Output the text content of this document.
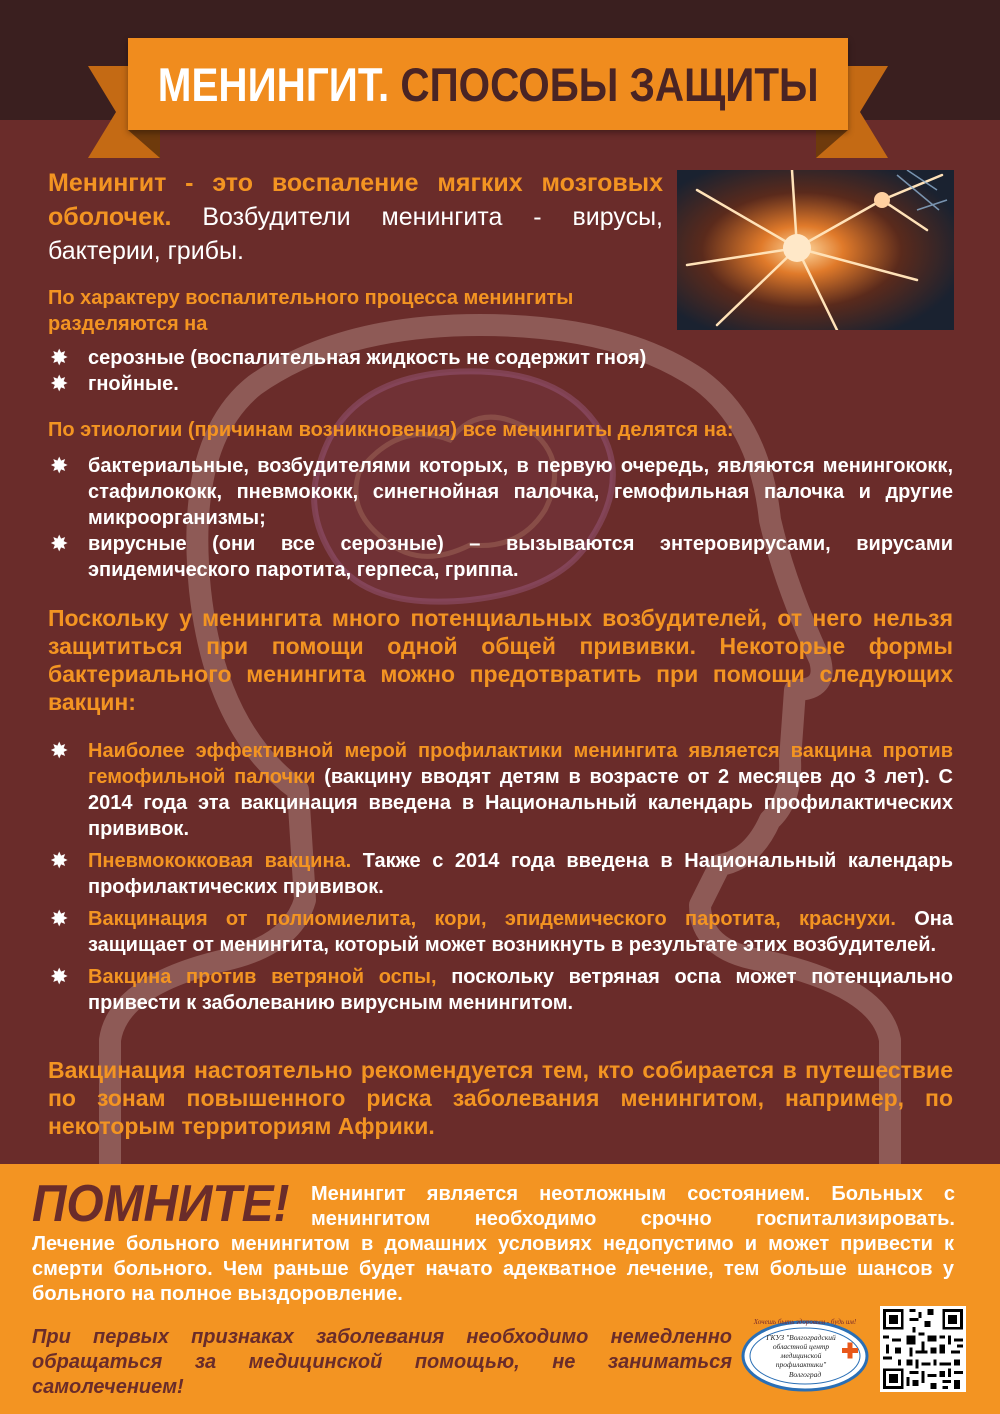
МЕНИНГИТ. СПОСОБЫ ЗАЩИТЫ
Менингит - это воспаление мягких мозговых оболочек. Возбудители менингита - вирусы, бактерии, грибы.
По характеру воспалительного процесса менингиты разделяются на
✸ серозные (воспалительная жидкость не содержит гноя)
✸ гнойные.
По этиологии (причинам возникновения) все менингиты делятся на:
✸ бактериальные, возбудителями которых, в первую очередь, являются менингококк, стафилококк, пневмококк, синегнойная палочка, гемофильная палочка и другие микроорганизмы;
✸ вирусные (они все серозные) – вызываются энтеровирусами, вирусами эпидемического паротита, герпеса, гриппа.
Поскольку у менингита много потенциальных возбудителей, от него нельзя защититься при помощи одной общей прививки. Некоторые формы бактериального менингита можно предотвратить при помощи следующих вакцин:
✸ Наиболее эффективной мерой профилактики менингита является вакцина против гемофильной палочки (вакцину вводят детям в возрасте от 2 месяцев до 3 лет). С 2014 года эта вакцинация введена в Национальный календарь профилактических прививок.
✸ Пневмококковая вакцина. Также с 2014 года введена в Национальный календарь профилактических прививок.
✸ Вакцинация от полиомиелита, кори, эпидемического паротита, краснухи. Она защищает от менингита, который может возникнуть в результате этих возбудителей.
✸ Вакцина против ветряной оспы, поскольку ветряная оспа может потенциально привести к заболеванию вирусным менингитом.
Вакцинация настоятельно рекомендуется тем, кто собирается в путешествие по зонам повышенного риска заболевания менингитом, например, по некоторым территориям Африки.
ПОМНИТЕ! Менингит является неотложным состоянием. Больных с менингитом необходимо срочно госпитализировать.
Лечение больного менингитом в домашних условиях недопустимо и может привести к смерти больного. Чем раньше будет начато адекватное лечение, тем больше шансов у больного на полное выздоровление.
При первых признаках заболевания необходимо немедленно обращаться за медицинской помощью, не заниматься самолечением!
Хочешь быть здоровым - будь им!
ГКУЗ "Волгоградский
областной центр
медицинской
профилактики"
Волгоград
